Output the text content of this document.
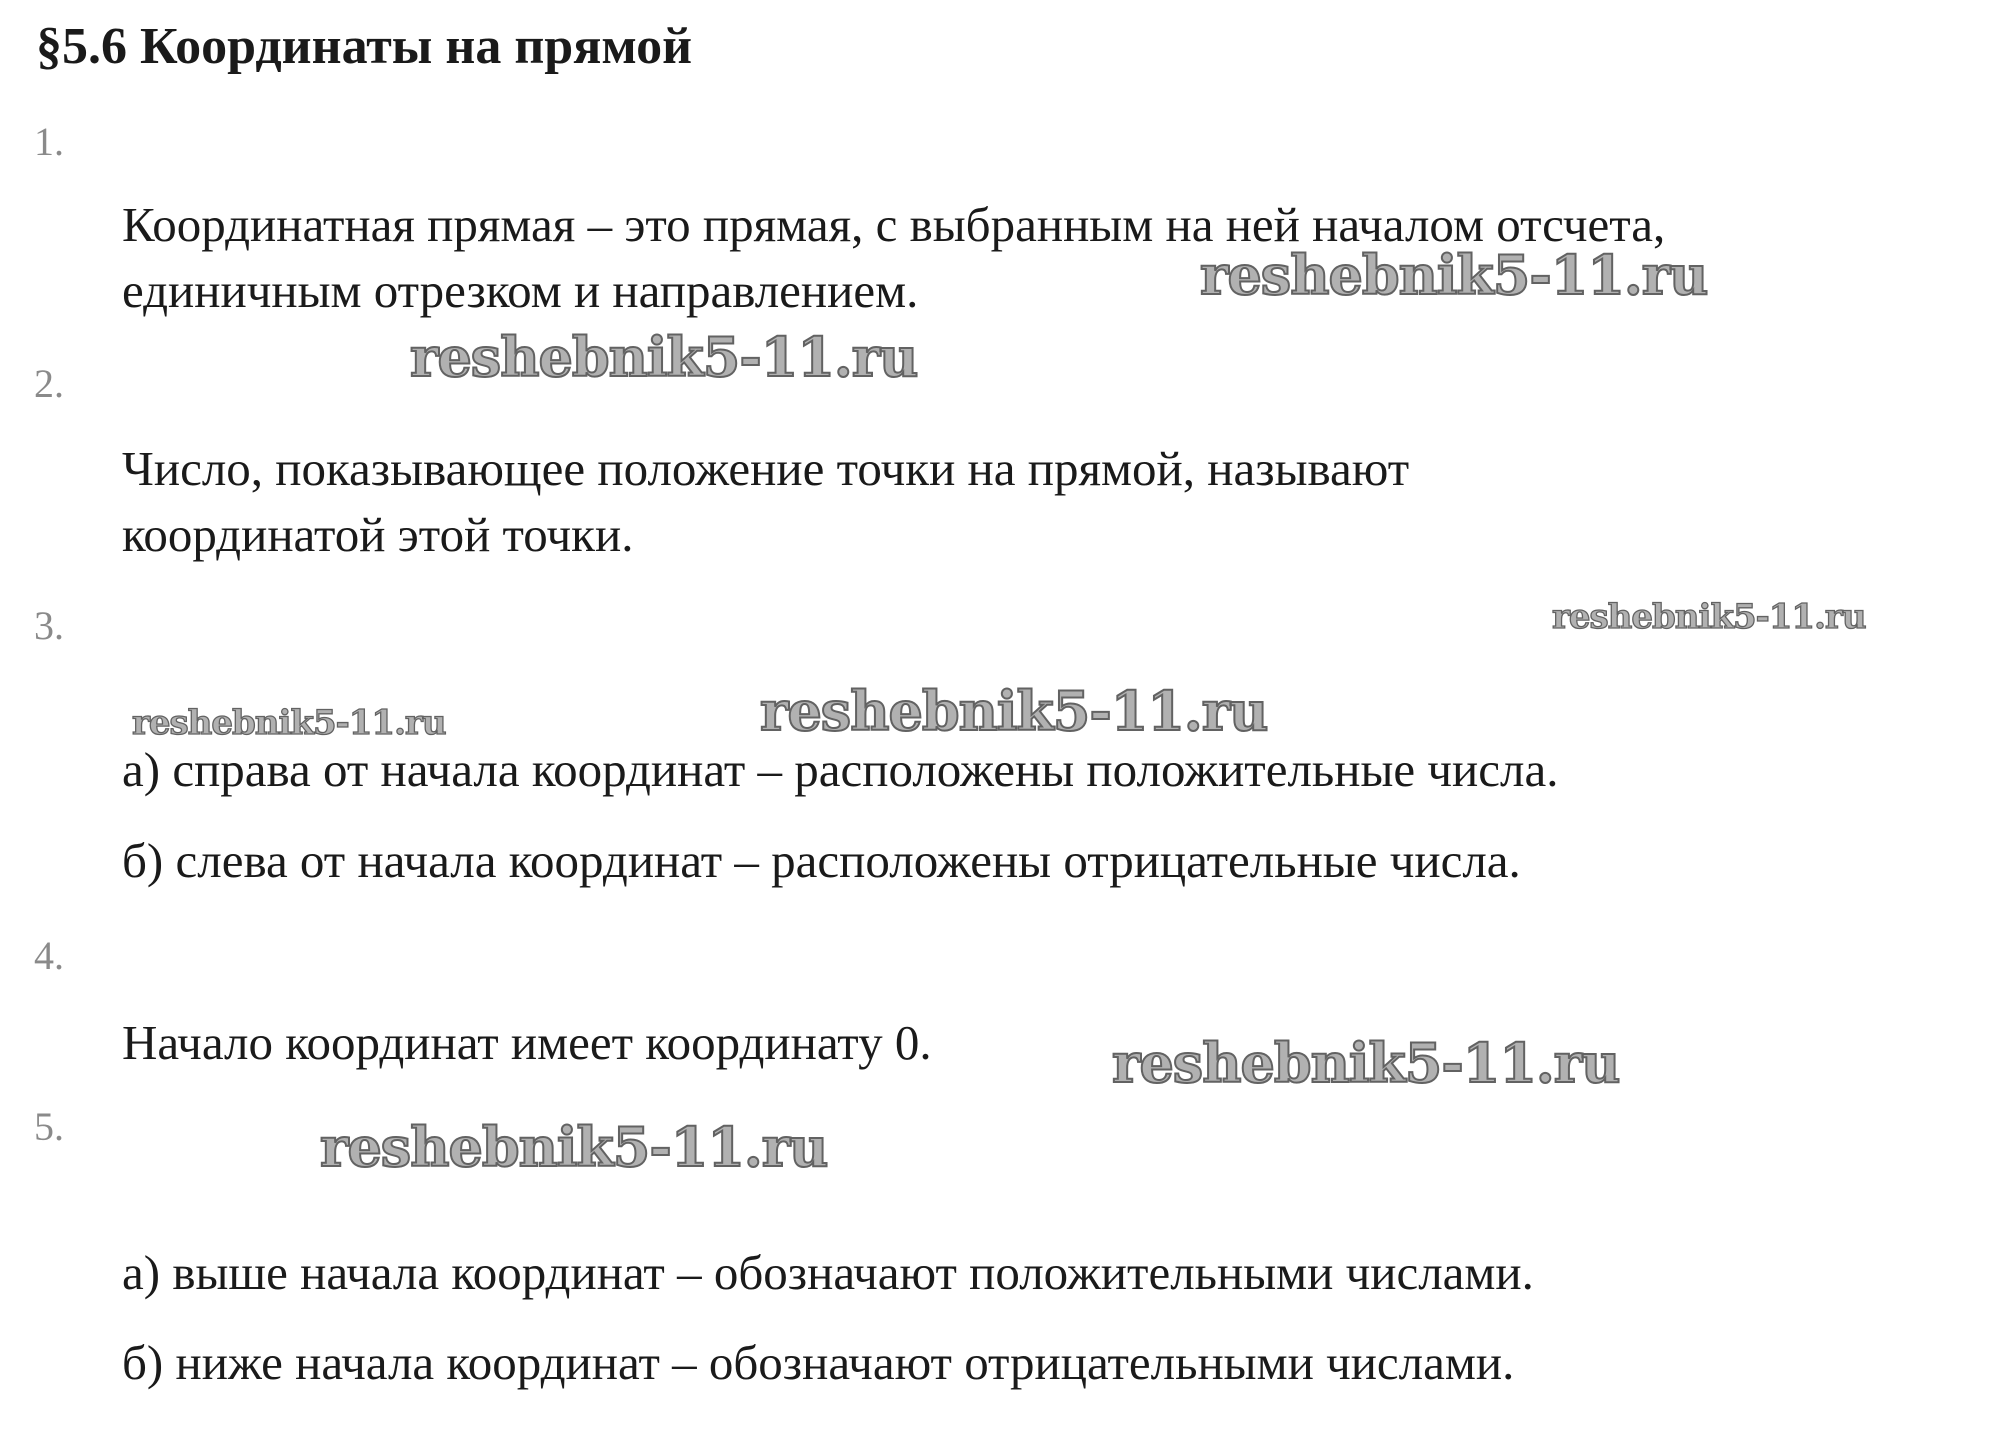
§5.6 Координаты на прямой
1.

Координатная прямая – это прямая, с выбранным на ней началом отсчета,

единичным отрезком и направлением.

2.

Число, показывающее положение точки на прямой, называют

координатой этой точки.

3.

а) справа от начала координат – расположены положительные числа.

б) слева от начала координат – расположены отрицательные числа.

4.

Начало координат имеет координату 0.

5.

а) выше начала координат – обозначают положительными числами.

б) ниже начала координат – обозначают отрицательными числами.

reshebnik5-11.ru
reshebnik5-11.ru
reshebnik5-11.ru
reshebnik5-11.ru	reshebnik5-11.ru
reshebnik5-11.ru
reshebnik5-11.ru
